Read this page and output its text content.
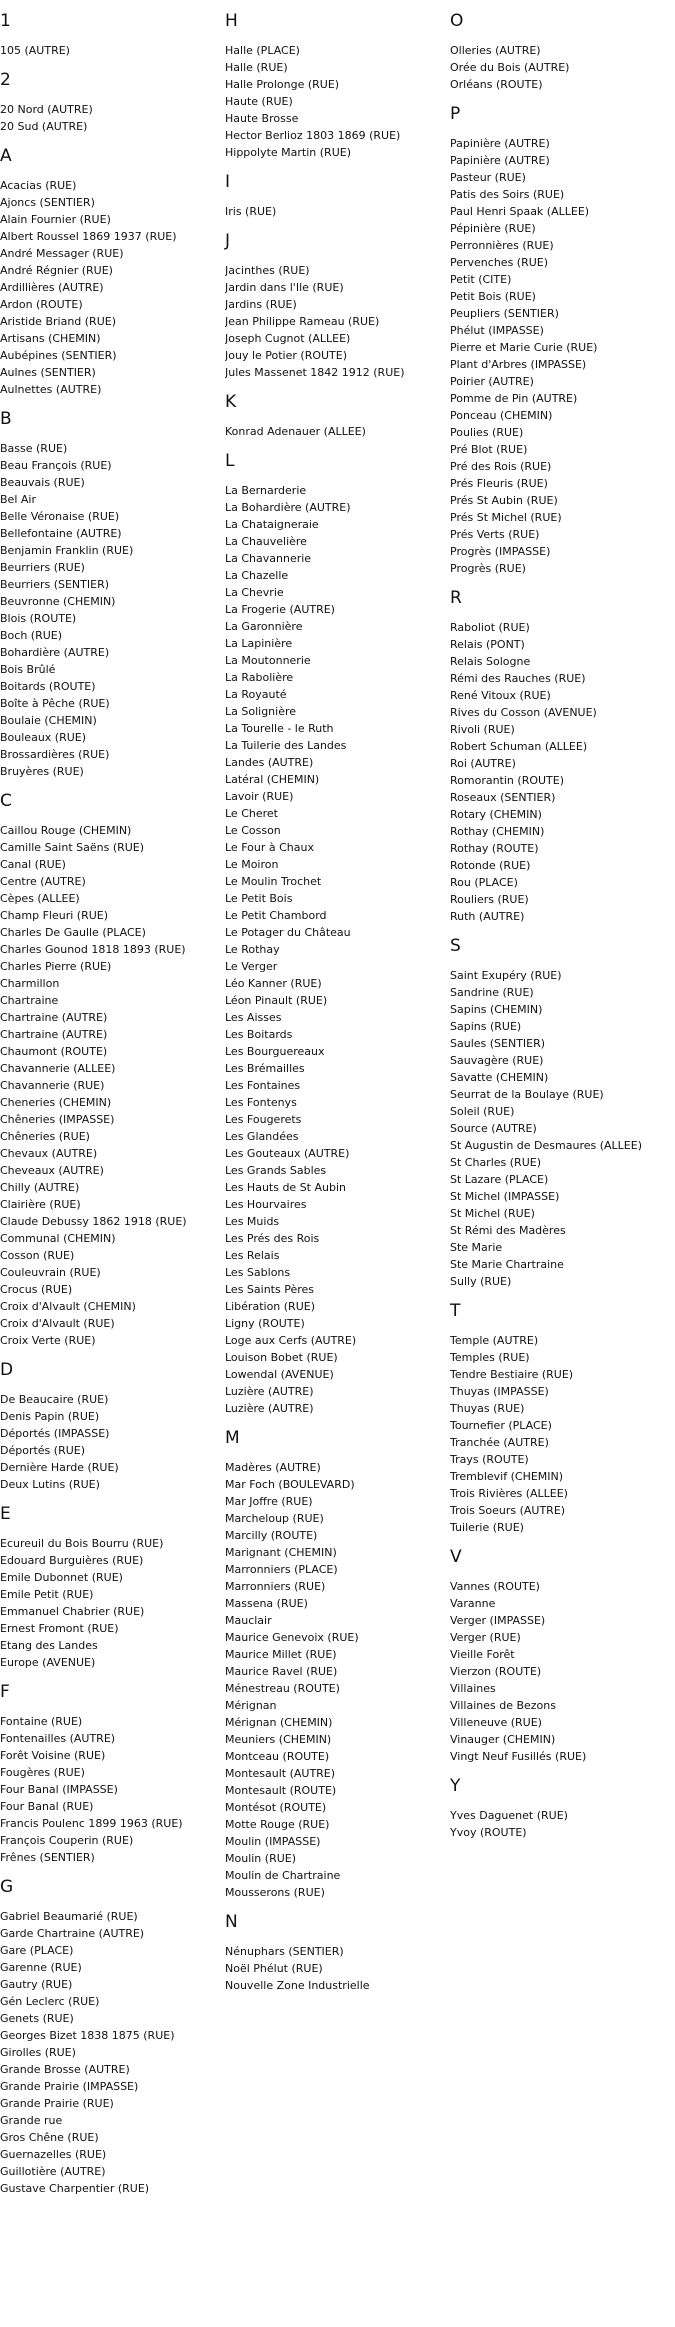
1
105 (AUTRE)
2
20 Nord (AUTRE)
20 Sud (AUTRE)
A
Acacias (RUE)
Ajoncs (SENTIER)
Alain Fournier (RUE)
Albert Roussel 1869 1937 (RUE)
André Messager (RUE)
André Régnier (RUE)
Ardillières (AUTRE)
Ardon (ROUTE)
Aristide Briand (RUE)
Artisans (CHEMIN)
Aubépines (SENTIER)
Aulnes (SENTIER)
Aulnettes (AUTRE)
B
Basse (RUE)
Beau François (RUE)
Beauvais (RUE)
Bel Air
Belle Véronaise (RUE)
Bellefontaine (AUTRE)
Benjamin Franklin (RUE)
Beurriers (RUE)
Beurriers (SENTIER)
Beuvronne (CHEMIN)
Blois (ROUTE)
Boch (RUE)
Bohardière (AUTRE)
Bois Brûlé
Boitards (ROUTE)
Boîte à Pêche (RUE)
Boulaie (CHEMIN)
Bouleaux (RUE)
Brossardières (RUE)
Bruyères (RUE)
C
Caillou Rouge (CHEMIN)
Camille Saint Saëns (RUE)
Canal (RUE)
Centre (AUTRE)
Cèpes (ALLEE)
Champ Fleuri (RUE)
Charles De Gaulle (PLACE)
Charles Gounod 1818 1893 (RUE)
Charles Pierre (RUE)
Charmillon
Chartraine
Chartraine (AUTRE)
Chartraine (AUTRE)
Chaumont (ROUTE)
Chavannerie (ALLEE)
Chavannerie (RUE)
Cheneries (CHEMIN)
Chêneries (IMPASSE)
Chêneries (RUE)
Chevaux (AUTRE)
Cheveaux (AUTRE)
Chilly (AUTRE)
Clairière (RUE)
Claude Debussy 1862 1918 (RUE)
Communal (CHEMIN)
Cosson (RUE)
Couleuvrain (RUE)
Crocus (RUE)
Croix d'Alvault (CHEMIN)
Croix d'Alvault (RUE)
Croix Verte (RUE)
D
De Beaucaire (RUE)
Denis Papin (RUE)
Déportés (IMPASSE)
Déportés (RUE)
Dernière Harde (RUE)
Deux Lutins (RUE)
E
Ecureuil du Bois Bourru (RUE)
Edouard Burguières (RUE)
Emile Dubonnet (RUE)
Emile Petit (RUE)
Emmanuel Chabrier (RUE)
Ernest Fromont (RUE)
Etang des Landes
Europe (AVENUE)
F
Fontaine (RUE)
Fontenailles (AUTRE)
Forêt Voisine (RUE)
Fougères (RUE)
Four Banal (IMPASSE)
Four Banal (RUE)
Francis Poulenc 1899 1963 (RUE)
François Couperin (RUE)
Frênes (SENTIER)
G
Gabriel Beaumarié (RUE)
Garde Chartraine (AUTRE)
Gare (PLACE)
Garenne (RUE)
Gautry (RUE)
Gén Leclerc (RUE)
Genets (RUE)
Georges Bizet 1838 1875 (RUE)
Girolles (RUE)
Grande Brosse (AUTRE)
Grande Prairie (IMPASSE)
Grande Prairie (RUE)
Grande rue
Gros Chêne (RUE)
Guernazelles (RUE)
Guillotière (AUTRE)
Gustave Charpentier (RUE)
H
Halle (PLACE)
Halle (RUE)
Halle Prolonge (RUE)
Haute (RUE)
Haute Brosse
Hector Berlioz 1803 1869 (RUE)
Hippolyte Martin (RUE)
I
Iris (RUE)
J
Jacinthes (RUE)
Jardin dans l'Ile (RUE)
Jardins (RUE)
Jean Philippe Rameau (RUE)
Joseph Cugnot (ALLEE)
Jouy le Potier (ROUTE)
Jules Massenet 1842 1912 (RUE)
K
Konrad Adenauer (ALLEE)
L
La Bernarderie
La Bohardière (AUTRE)
La Chataigneraie
La Chauvelière
La Chavannerie
La Chazelle
La Chevrie
La Frogerie (AUTRE)
La Garonnière
La Lapinière
La Moutonnerie
La Rabolière
La Royauté
La Solignière
La Tourelle - le Ruth
La Tuilerie des Landes
Landes (AUTRE)
Latéral (CHEMIN)
Lavoir (RUE)
Le Cheret
Le Cosson
Le Four à Chaux
Le Moiron
Le Moulin Trochet
Le Petit Bois
Le Petit Chambord
Le Potager du Château
Le Rothay
Le Verger
Léo Kanner (RUE)
Léon Pinault (RUE)
Les Aisses
Les Boitards
Les Bourguereaux
Les Brémailles
Les Fontaines
Les Fontenys
Les Fougerets
Les Glandées
Les Gouteaux (AUTRE)
Les Grands Sables
Les Hauts de St Aubin
Les Hourvaires
Les Muids
Les Prés des Rois
Les Relais
Les Sablons
Les Saints Pères
Libération (RUE)
Ligny (ROUTE)
Loge aux Cerfs (AUTRE)
Louison Bobet (RUE)
Lowendal (AVENUE)
Luzière (AUTRE)
Luzière (AUTRE)
M
Madères (AUTRE)
Mar Foch (BOULEVARD)
Mar Joffre (RUE)
Marcheloup (RUE)
Marcilly (ROUTE)
Marignant (CHEMIN)
Marronniers (PLACE)
Marronniers (RUE)
Massena (RUE)
Mauclair
Maurice Genevoix (RUE)
Maurice Millet (RUE)
Maurice Ravel (RUE)
Ménestreau (ROUTE)
Mérignan
Mérignan (CHEMIN)
Meuniers (CHEMIN)
Montceau (ROUTE)
Montesault (AUTRE)
Montesault (ROUTE)
Montésot (ROUTE)
Motte Rouge (RUE)
Moulin (IMPASSE)
Moulin (RUE)
Moulin de Chartraine
Mousserons (RUE)
N
Nénuphars (SENTIER)
Noël Phélut (RUE)
Nouvelle Zone Industrielle
O
Olleries (AUTRE)
Orée du Bois (AUTRE)
Orléans (ROUTE)
P
Papinière (AUTRE)
Papinière (AUTRE)
Pasteur (RUE)
Patis des Soirs (RUE)
Paul Henri Spaak (ALLEE)
Pépinière (RUE)
Perronnières (RUE)
Pervenches (RUE)
Petit (CITE)
Petit Bois (RUE)
Peupliers (SENTIER)
Phélut (IMPASSE)
Pierre et Marie Curie (RUE)
Plant d'Arbres (IMPASSE)
Poirier (AUTRE)
Pomme de Pin (AUTRE)
Ponceau (CHEMIN)
Poulies (RUE)
Pré Blot (RUE)
Pré des Rois (RUE)
Prés Fleuris (RUE)
Prés St Aubin (RUE)
Prés St Michel (RUE)
Prés Verts (RUE)
Progrès (IMPASSE)
Progrès (RUE)
R
Raboliot (RUE)
Relais (PONT)
Relais Sologne
Rémi des Rauches (RUE)
René Vitoux (RUE)
Rives du Cosson (AVENUE)
Rivoli (RUE)
Robert Schuman (ALLEE)
Roi (AUTRE)
Romorantin (ROUTE)
Roseaux (SENTIER)
Rotary (CHEMIN)
Rothay (CHEMIN)
Rothay (ROUTE)
Rotonde (RUE)
Rou (PLACE)
Rouliers (RUE)
Ruth (AUTRE)
S
Saint Exupéry (RUE)
Sandrine (RUE)
Sapins (CHEMIN)
Sapins (RUE)
Saules (SENTIER)
Sauvagère (RUE)
Savatte (CHEMIN)
Seurrat de la Boulaye (RUE)
Soleil (RUE)
Source (AUTRE)
St Augustin de Desmaures (ALLEE)
St Charles (RUE)
St Lazare (PLACE)
St Michel (IMPASSE)
St Michel (RUE)
St Rémi des Madères
Ste Marie
Ste Marie Chartraine
Sully (RUE)
T
Temple (AUTRE)
Temples (RUE)
Tendre Bestiaire (RUE)
Thuyas (IMPASSE)
Thuyas (RUE)
Tournefier (PLACE)
Tranchée (AUTRE)
Trays (ROUTE)
Tremblevif (CHEMIN)
Trois Rivières (ALLEE)
Trois Soeurs (AUTRE)
Tuilerie (RUE)
V
Vannes (ROUTE)
Varanne
Verger (IMPASSE)
Verger (RUE)
Vieille Forêt
Vierzon (ROUTE)
Villaines
Villaines de Bezons
Villeneuve (RUE)
Vinauger (CHEMIN)
Vingt Neuf Fusillés (RUE)
Y
Yves Daguenet (RUE)
Yvoy (ROUTE)
